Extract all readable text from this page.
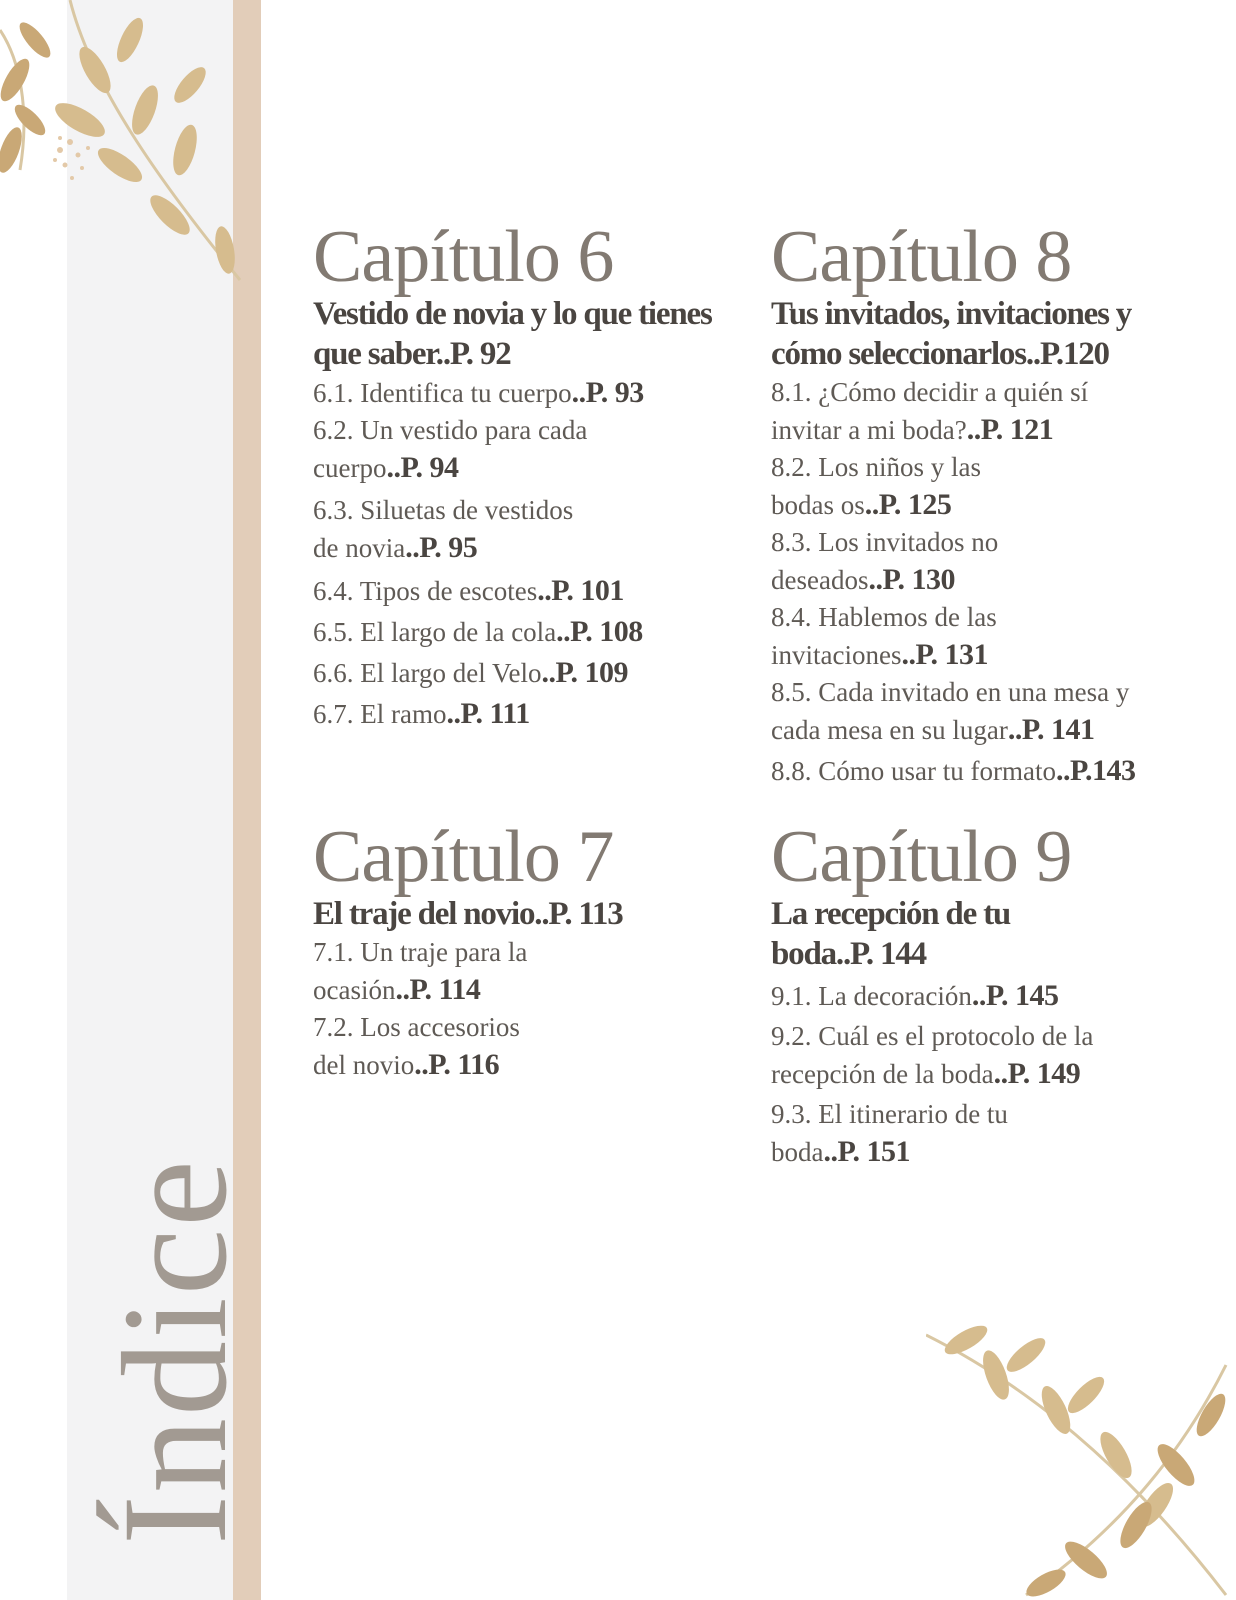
Índice
Capítulo 6
Vestido de novia y lo que tienes que saber..P. 92
6.1. Identifica tu cuerpo..P. 93
6.2. Un vestido para cada cuerpo..P. 94
6.3. Siluetas de vestidos de novia..P. 95
6.4. Tipos de escotes..P. 101
6.5. El largo de la cola..P. 108
6.6. El largo del Velo..P. 109
6.7. El ramo..P. 111
Capítulo 7
El traje del novio..P. 113
7.1. Un traje para la ocasión..P. 114
7.2. Los accesorios del novio..P. 116
Capítulo 8
Tus invitados, invitaciones y cómo seleccionarlos..P.120
8.1. ¿Cómo decidir a quién sí invitar a mi boda?..P. 121
8.2. Los niños y las bodas os..P. 125
8.3. Los invitados no deseados..P. 130
8.4. Hablemos de las invitaciones..P. 131
8.5. Cada invitado en una mesa y cada mesa en su lugar..P. 141
8.8. Cómo usar tu formato..P.143
Capítulo 9
La recepción de tu boda..P. 144
9.1. La decoración..P. 145
9.2. Cuál es el protocolo de la recepción de la boda..P. 149
9.3. El itinerario de tu boda..P. 151
